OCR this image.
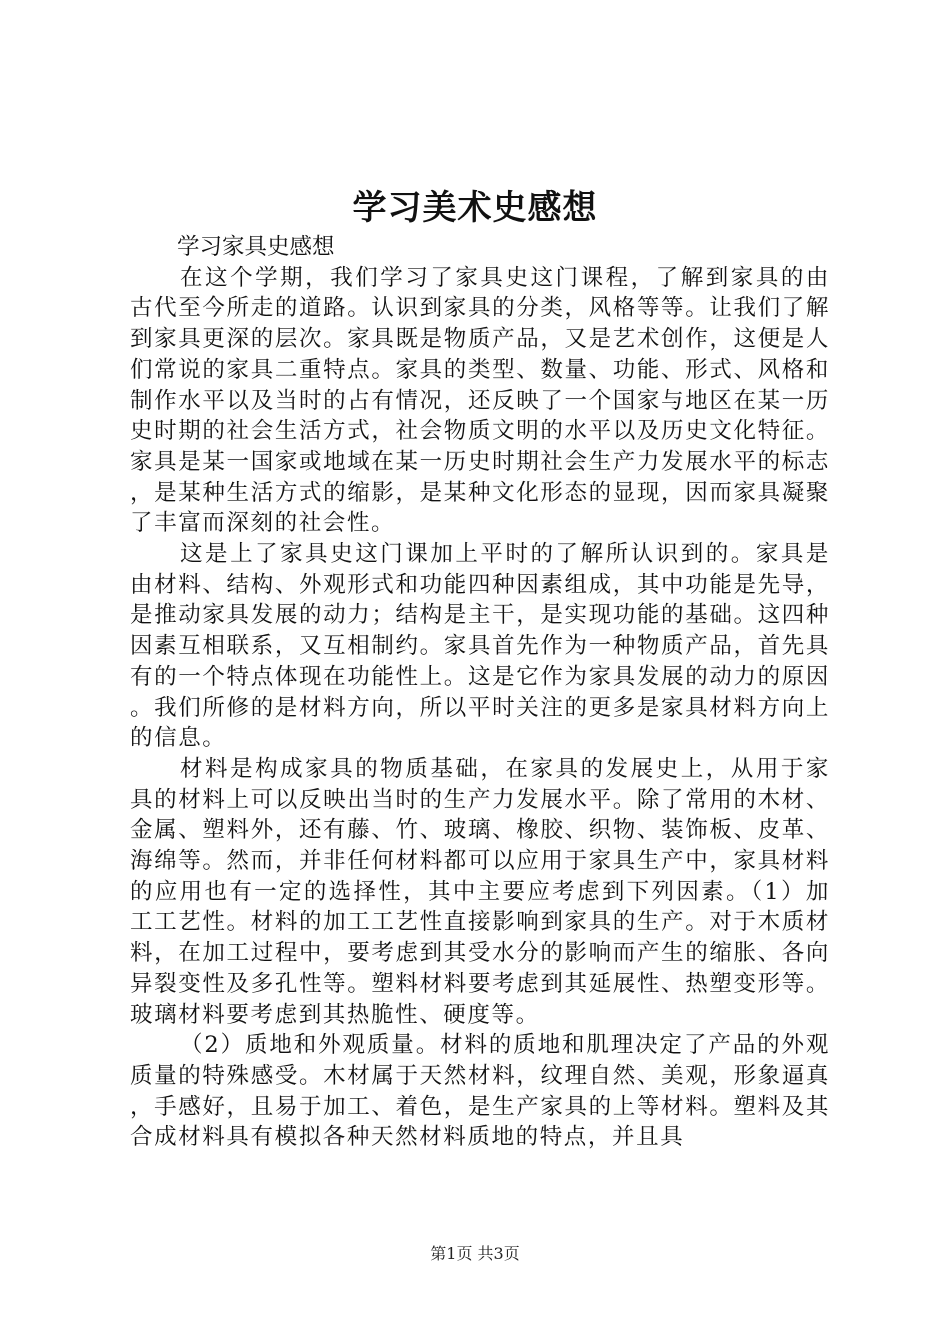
学习美术史感想

学习家具史感想

在这个学期，我们学习了家具史这门课程，了解到家具的由古代至今所走的道路。认识到家具的分类，风格等等。让我们了解到家具更深的层次。家具既是物质产品，又是艺术创作，这便是人们常说的家具二重特点。家具的类型、数量、功能、形式、风格和制作水平以及当时的占有情况，还反映了一个国家与地区在某一历史时期的社会生活方式，社会物质文明的水平以及历史文化特征。家具是某一国家或地域在某一历史时期社会生产力发展水平的标志，是某种生活方式的缩影，是某种文化形态的显现，因而家具凝聚了丰富而深刻的社会性。

这是上了家具史这门课加上平时的了解所认识到的。家具是由材料、结构、外观形式和功能四种因素组成，其中功能是先导，是推动家具发展的动力；结构是主干，是实现功能的基础。这四种因素互相联系，又互相制约。家具首先作为一种物质产品，首先具有的一个特点体现在功能性上。这是它作为家具发展的动力的原因。我们所修的是材料方向，所以平时关注的更多是家具材料方向上的信息。

材料是构成家具的物质基础，在家具的发展史上，从用于家具的材料上可以反映出当时的生产力发展水平。除了常用的木材、金属、塑料外，还有藤、竹、玻璃、橡胶、织物、装饰板、皮革、海绵等。然而，并非任何材料都可以应用于家具生产中，家具材料的应用也有一定的选择性，其中主要应考虑到下列因素。（1）加工工艺性。材料的加工工艺性直接影响到家具的生产。对于木质材料，在加工过程中，要考虑到其受水分的影响而产生的缩胀、各向异裂变性及多孔性等。塑料材料要考虑到其延展性、热塑变形等。玻璃材料要考虑到其热脆性、硬度等。

（2）质地和外观质量。材料的质地和肌理决定了产品的外观质量的特殊感受。木材属于天然材料，纹理自然、美观，形象逼真，手感好，且易于加工、着色，是生产家具的上等材料。塑料及其合成材料具有模拟各种天然材料质地的特点，并且具

第1页 共3页
